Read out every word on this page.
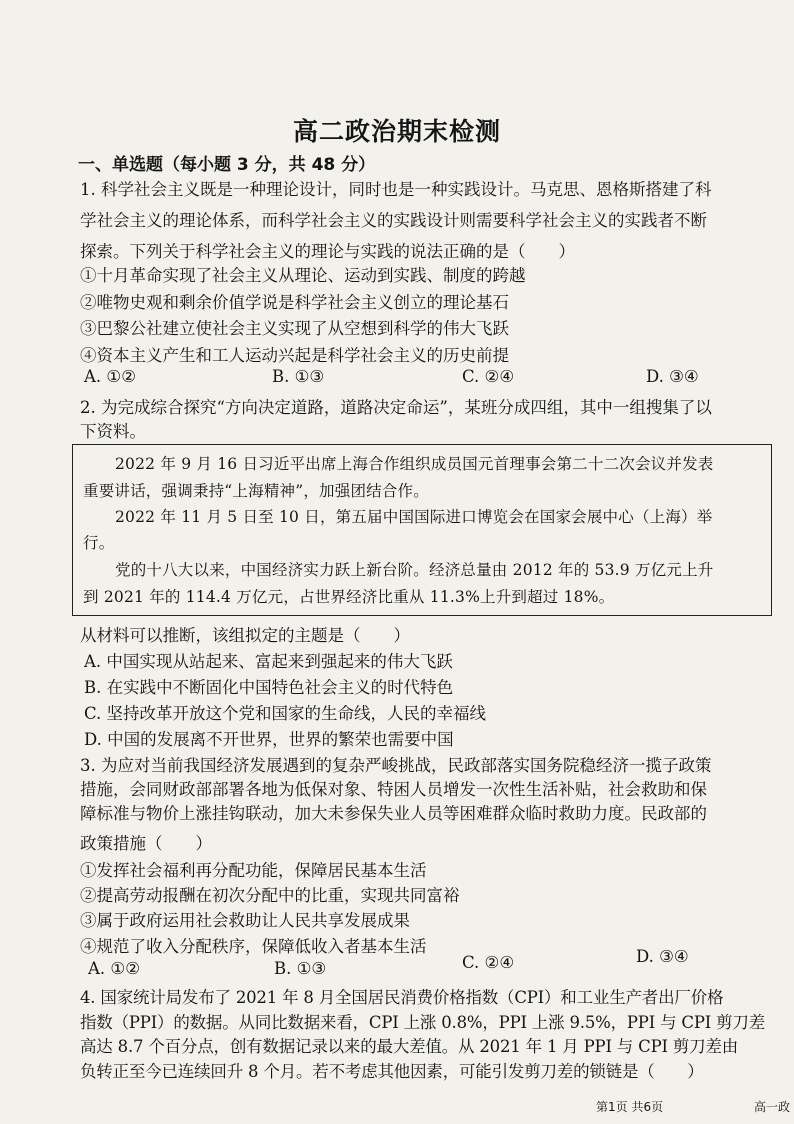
高二政治期末检测
一、单选题（每小题 3 分，共 48 分）
1. 科学社会主义既是一种理论设计，同时也是一种实践设计。马克思、恩格斯搭建了科
学社会主义的理论体系，而科学社会主义的实践设计则需要科学社会主义的实践者不断
探索。下列关于科学社会主义的理论与实践的说法正确的是（　　）
①十月革命实现了社会主义从理论、运动到实践、制度的跨越
②唯物史观和剩余价值学说是科学社会主义创立的理论基石
③巴黎公社建立使社会主义实现了从空想到科学的伟大飞跃
④资本主义产生和工人运动兴起是科学社会主义的历史前提
A. ①②	B. ①③	C. ②④	D. ③④
2. 为完成综合探究“方向决定道路，道路决定命运”，某班分成四组，其中一组搜集了以
下资料。
2022 年 9 月 16 日习近平出席上海合作组织成员国元首理事会第二十二次会议并发表
重要讲话，强调秉持“上海精神”，加强团结合作。
2022 年 11 月 5 日至 10 日，第五届中国国际进口博览会在国家会展中心（上海）举
行。
党的十八大以来，中国经济实力跃上新台阶。经济总量由 2012 年的 53.9 万亿元上升
到 2021 年的 114.4 万亿元，占世界经济比重从 11.3%上升到超过 18%。
从材料可以推断，该组拟定的主题是（　　）
A. 中国实现从站起来、富起来到强起来的伟大飞跃
B. 在实践中不断固化中国特色社会主义的时代特色
C. 坚持改革开放这个党和国家的生命线，人民的幸福线
D. 中国的发展离不开世界，世界的繁荣也需要中国
3. 为应对当前我国经济发展遇到的复杂严峻挑战，民政部落实国务院稳经济一揽子政策
措施，会同财政部部署各地为低保对象、特困人员增发一次性生活补贴，社会救助和保
障标准与物价上涨挂钩联动，加大未参保失业人员等困难群众临时救助力度。民政部的
政策措施（　　）
①发挥社会福利再分配功能，保障居民基本生活
②提高劳动报酬在初次分配中的比重，实现共同富裕
③属于政府运用社会救助让人民共享发展成果
④规范了收入分配秩序，保障低收入者基本生活
A. ①②	B. ①③	C. ②④	D. ③④
4. 国家统计局发布了 2021 年 8 月全国居民消费价格指数（CPI）和工业生产者出厂价格
指数（PPI）的数据。从同比数据来看，CPI 上涨 0.8%，PPI 上涨 9.5%，PPI 与 CPI 剪刀差
高达 8.7 个百分点，创有数据记录以来的最大差值。从 2021 年 1 月 PPI 与 CPI 剪刀差由
负转正至今已连续回升 8 个月。若不考虑其他因素，可能引发剪刀差的锁链是（　　）
第1页 共6页	高一政
